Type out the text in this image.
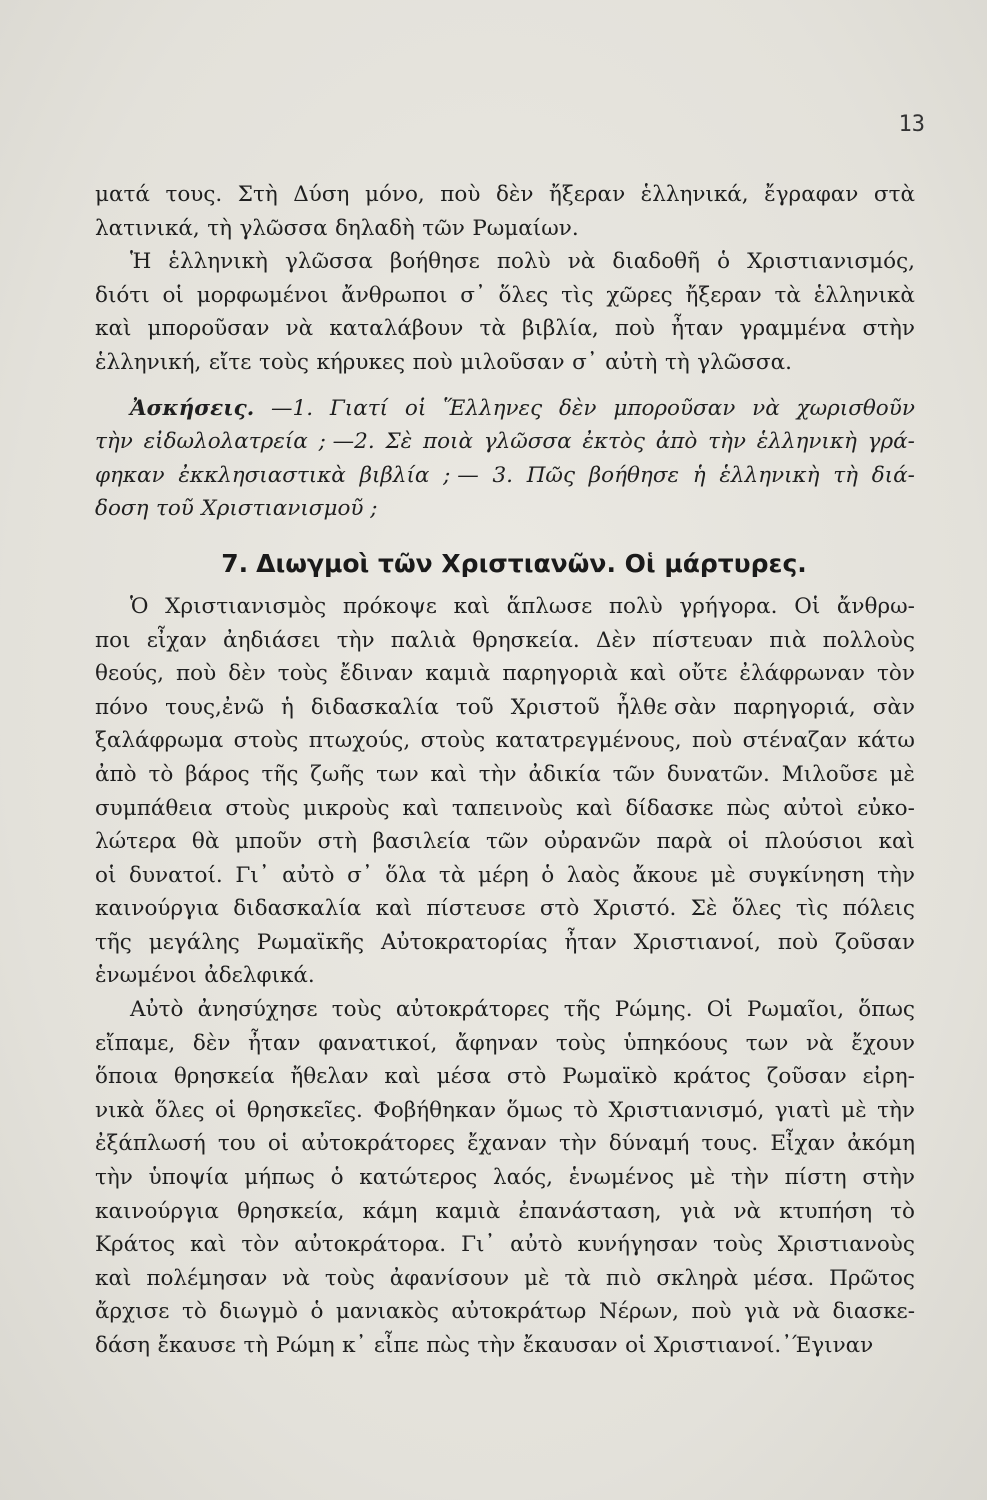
13
ματά τους. Στὴ Δύση μόνο, ποὺ δὲν ἤξεραν ἑλληνικά, ἔγραφαν στὰ
λατινικά, τὴ γλῶσσα δηλαδὴ τῶν Ρωμαίων.
Ἡ ἑλληνικὴ γλῶσσα βοήθησε πολὺ νὰ διαδοθῆ ὁ Χριστιανισμός,
διότι οἱ μορφωμένοι ἄνθρωποι σ᾿ ὅλες τὶς χῶρες ἤξεραν τὰ ἑλληνικὰ
καὶ μποροῦσαν νὰ καταλάβουν τὰ βιβλία, ποὺ ἦταν γραμμένα στὴν
ἑλληνική, εἴτε τοὺς κήρυκες ποὺ μιλοῦσαν σ᾿ αὐτὴ τὴ γλῶσσα.
Ἀσκήσεις. —1. Γιατί οἱ Ἕλληνες δὲν μποροῦσαν νὰ χωρισθοῦν
τὴν εἰδωλολατρεία ; —2. Σὲ ποιὰ γλῶσσα ἐκτὸς ἀπὸ τὴν ἑλληνικὴ γρά-
φηκαν ἐκκλησιαστικὰ βιβλία ; — 3. Πῶς βοήθησε ἡ ἑλληνικὴ τὴ διά-
δοση τοῦ Χριστιανισμοῦ ;
7. Διωγμοὶ τῶν Χριστιανῶν. Οἱ μάρτυρες.
Ὁ Χριστιανισμὸς πρόκοψε καὶ ἅπλωσε πολὺ γρήγορα. Οἱ ἄνθρω-
ποι εἶχαν ἀηδιάσει τὴν παλιὰ θρησκεία. Δὲν πίστευαν πιὰ πολλοὺς
θεούς, ποὺ δὲν τοὺς ἔδιναν καμιὰ παρηγοριὰ καὶ οὔτε ἐλάφρωναν τὸν
πόνο τους,ἐνῶ ἡ διδασκαλία τοῦ Χριστοῦ ἦλθε σὰν παρηγοριά, σὰν
ξαλάφρωμα στοὺς πτωχούς, στοὺς κατατρεγμένους, ποὺ στέναζαν κάτω
ἀπὸ τὸ βάρος τῆς ζωῆς των καὶ τὴν ἀδικία τῶν δυνατῶν. Μιλοῦσε μὲ
συμπάθεια στοὺς μικροὺς καὶ ταπεινοὺς καὶ δίδασκε πὼς αὐτοὶ εὐκο-
λώτερα θὰ μποῦν στὴ βασιλεία τῶν οὐρανῶν παρὰ οἱ πλούσιοι καὶ
οἱ δυνατοί. Γι᾿ αὐτὸ σ᾿ ὅλα τὰ μέρη ὁ λαὸς ἄκουε μὲ συγκίνηση τὴν
καινούργια διδασκαλία καὶ πίστευσε στὸ Χριστό. Σὲ ὅλες τὶς πόλεις
τῆς μεγάλης Ρωμαϊκῆς Αὐτοκρατορίας ἦταν Χριστιανοί, ποὺ ζοῦσαν
ἑνωμένοι ἀδελφικά.
Αὐτὸ ἀνησύχησε τοὺς αὐτοκράτορες τῆς Ρώμης. Οἱ Ρωμαῖοι, ὅπως
εἴπαμε, δὲν ἦταν φανατικοί, ἄφηναν τοὺς ὑπηκόους των νὰ ἔχουν
ὅποια θρησκεία ἤθελαν καὶ μέσα στὸ Ρωμαϊκὸ κράτος ζοῦσαν εἰρη-
νικὰ ὅλες οἱ θρησκεῖες. Φοβήθηκαν ὅμως τὸ Χριστιανισμό, γιατὶ μὲ τὴν
ἐξάπλωσή του οἱ αὐτοκράτορες ἔχαναν τὴν δύναμή τους. Εἶχαν ἀκόμη
τὴν ὑποψία μήπως ὁ κατώτερος λαός, ἑνωμένος μὲ τὴν πίστη στὴν
καινούργια θρησκεία, κάμη καμιὰ ἐπανάσταση, γιὰ νὰ κτυπήση τὸ
Κράτος καὶ τὸν αὐτοκράτορα. Γι᾿ αὐτὸ κυνήγησαν τοὺς Χριστιανοὺς
καὶ πολέμησαν νὰ τοὺς ἀφανίσουν μὲ τὰ πιὸ σκληρὰ μέσα. Πρῶτος
ἄρχισε τὸ διωγμὸ ὁ μανιακὸς αὐτοκράτωρ Νέρων, ποὺ γιὰ νὰ διασκε-
δάση ἔκαυσε τὴ Ρώμη κ᾿ εἶπε πὼς τὴν ἔκαυσαν οἱ Χριστιανοί.᾿Έγιναν
